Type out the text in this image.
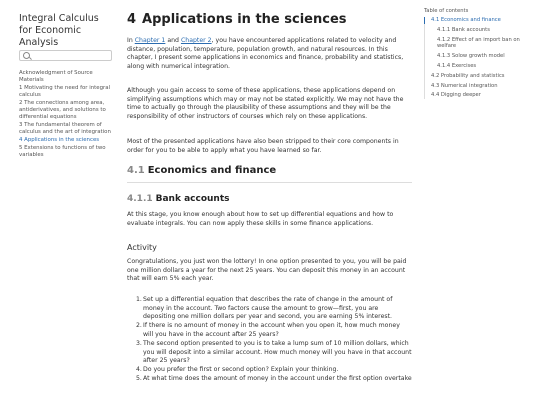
Integral Calculus for Economic Analysis
Acknowledgment of Source Materials
1 Motivating the need for integral calculus
2 The connections among area, antiderivatives, and solutions to differential equations
3 The fundamental theorem of calculus and the art of integration
4 Applications in the sciences
5 Extensions to functions of two variables
4 Applications in the sciences

In Chapter 1 and Chapter 2, you have encountered applications related to velocity and distance, population, temperature, population growth, and natural resources. In this chapter, I present some applications in economics and finance, probability and statistics, along with numerical integration.

Although you gain access to some of these applications, these applications depend on simplifying assumptions which may or may not be stated explicitly. We may not have the time to actually go through the plausibility of these assumptions and they will be the responsibility of other instructors of courses which rely on these applications.

Most of the presented applications have also been stripped to their core components in order for you to be able to apply what you have learned so far.

4.1 Economics and finance
4.1.1 Bank accounts

At this stage, you know enough about how to set up differential equations and how to evaluate integrals. You can now apply these skills in some finance applications.

Activity

Congratulations, you just won the lottery! In one option presented to you, you will be paid one million dollars a year for the next 25 years. You can deposit this money in an account that will earn 5% each year.

1. Set up a differential equation that describes the rate of change in the amount of money in the account. Two factors cause the amount to grow—first, you are depositing one million dollars per year and second, you are earning 5% interest.
2. If there is no amount of money in the account when you open it, how much money will you have in the account after 25 years?
3. The second option presented to you is to take a lump sum of 10 million dollars, which you will deposit into a similar account. How much money will you have in that account after 25 years?
4. Do you prefer the first or second option? Explain your thinking.
5. At what time does the amount of money in the account under the first option overtake
Table of contents
4.1 Economics and finance
4.1.1 Bank accounts
4.1.2 Effect of an import ban on welfare
4.1.3 Solow growth model
4.1.4 Exercises
4.2 Probability and statistics
4.3 Numerical integration
4.4 Digging deeper
